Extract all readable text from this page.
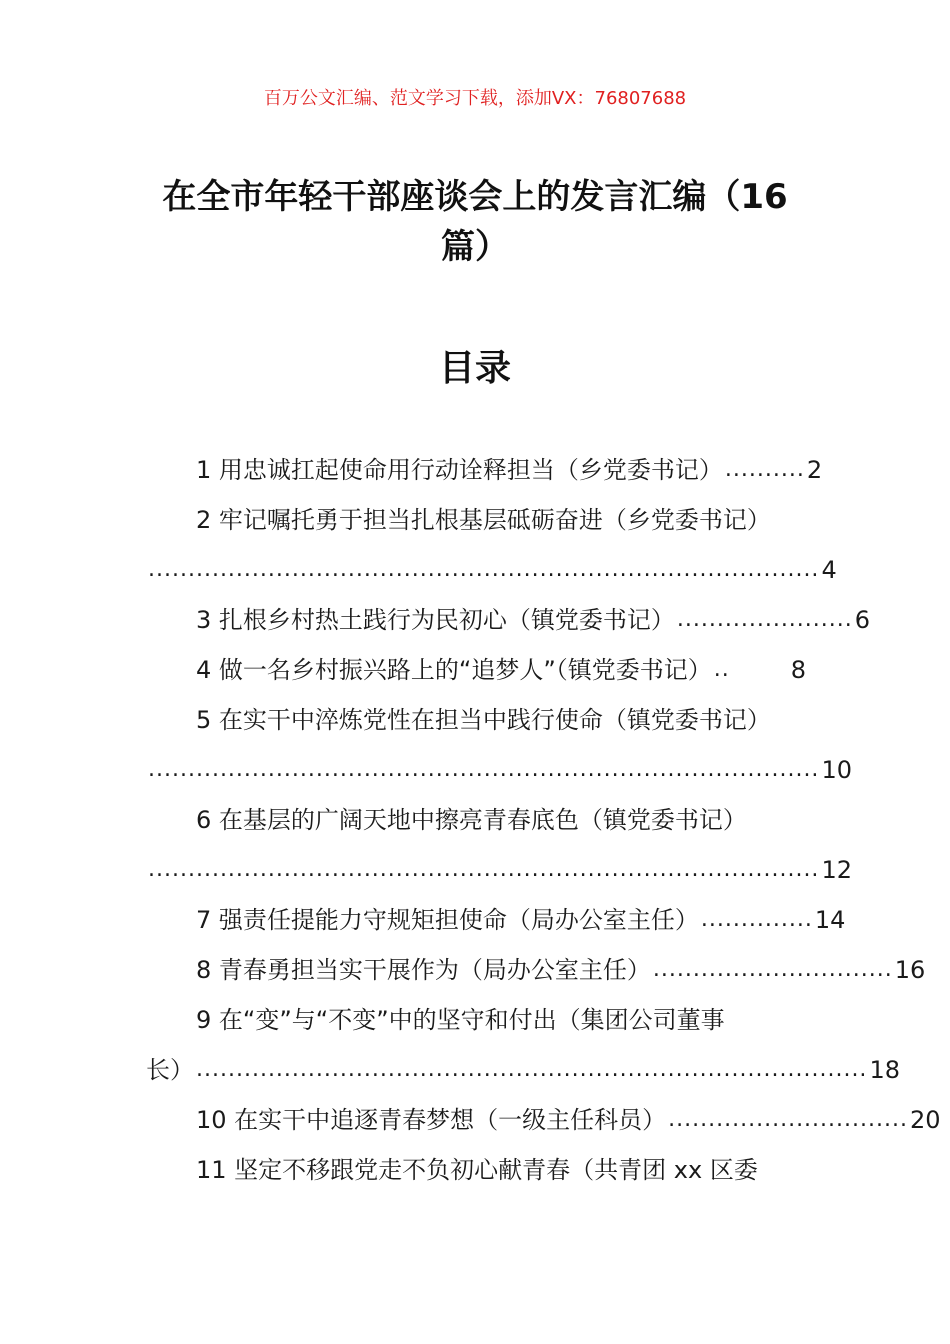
百万公文汇编、范文学习下载，添加VX：76807688
在全市年轻干部座谈会上的发言汇编（16
篇）
目录
1 用忠诚扛起使命用行动诠释担当（乡党委书记） .......... 2
2 牢记嘱托勇于担当扎根基层砥砺奋进（乡党委书记）
.................................................................................... 4
3 扎根乡村热土践行为民初心（镇党委书记） ...................... 6
4 做一名乡村振兴路上的“追梦人”（镇党委书记） ..	8
5 在实干中淬炼党性在担当中践行使命（镇党委书记）
.................................................................................... 10
6 在基层的广阔天地中擦亮青春底色（镇党委书记）
.................................................................................... 12
7 强责任提能力守规矩担使命（局办公室主任） .............. 14
8 青春勇担当实干展作为（局办公室主任） .............................. 16
9 在“变”与“不变”中的坚守和付出（集团公司董事
长） .................................................................................... 18
10 在实干中追逐青春梦想（一级主任科员） .............................. 20
11 坚定不移跟党走不负初心献青春（共青团 xx 区委
